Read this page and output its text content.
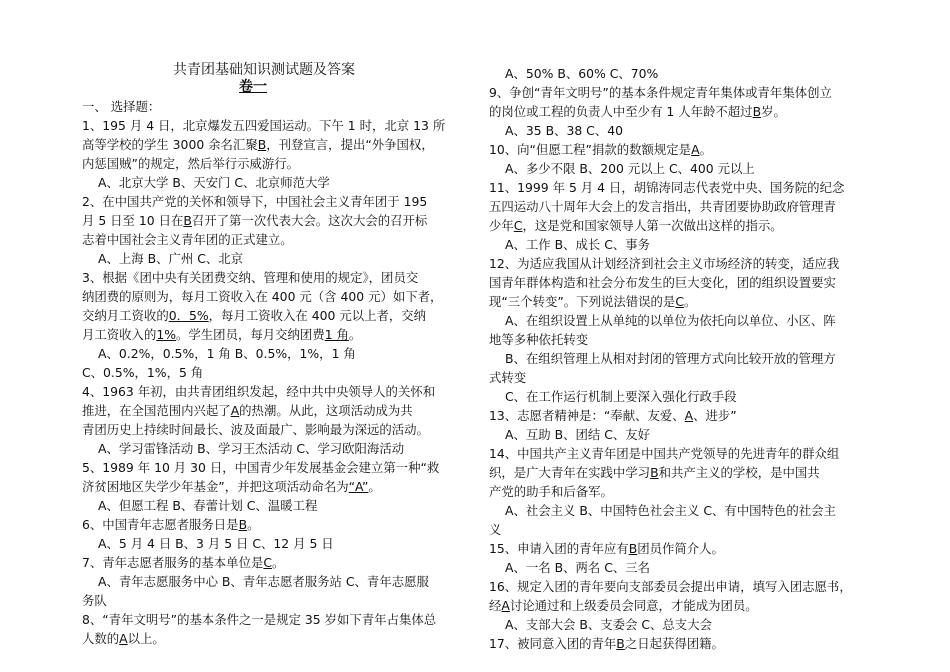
共青团基础知识测试题及答案
卷一
一、 选择题：
1、195 月 4 日，北京爆发五四爱国运动。下午 1 时，北京 13 所
高等学校的学生 3000 余名汇聚B，刊登宣言，提出“外争国权，
内惩国贼”的规定，然后举行示威游行。
A、北京大学 B、天安门 C、北京师范大学
2、在中国共产党的关怀和领导下，中国社会主义青年团于 195
月 5 日至 10 日在B召开了第一次代表大会。这次大会的召开标
志着中国社会主义青年团的正式建立。
A、上海 B、广州 C、北京
3、根据《团中央有关团费交纳、管理和使用的规定》，团员交
纳团费的原则为，每月工资收入在 400 元（含 400 元）如下者，
交纳月工资收的0．5%，每月工资收入在 400 元以上者，交纳
月工资收入的1%。学生团员，每月交纳团费1 角。
A、0.2%，0.5%，1 角 B、0.5%，1%，1 角
C、0.5%，1%，5 角
4、1963 年初，由共青团组织发起，经中共中央领导人的关怀和
推进，在全国范围内兴起了A的热潮。从此，这项活动成为共
青团历史上持续时间最长、波及面最广、影响最为深远的活动。
A、学习雷锋活动 B、学习王杰活动 C、学习欧阳海活动
5、1989 年 10 月 30 日，中国青少年发展基金会建立第一种“救
济贫困地区失学少年基金”，并把这项活动命名为“A”。
A、但愿工程 B、春蕾计划 C、温暖工程
6、中国青年志愿者服务日是B。
A、5 月 4 日 B、3 月 5 日 C、12 月 5 日
7、青年志愿者服务的基本单位是C。
A、青年志愿服务中心 B、青年志愿者服务站 C、青年志愿服
务队
8、“青年文明号”的基本条件之一是规定 35 岁如下青年占集体总
人数的A以上。
A、50% B、60% C、70%
9、争创“青年文明号”的基本条件规定青年集体或青年集体创立
的岗位或工程的负责人中至少有 1 人年龄不超过B岁。
A、35 B、38 C、40
10、向“但愿工程”捐款的数额规定是A。
A、多少不限 B、200 元以上 C、400 元以上
11、1999 年 5 月 4 日，胡锦涛同志代表党中央、国务院的纪念
五四运动八十周年大会上的发言指出，共青团要协助政府管理青
少年C，这是党和国家领导人第一次做出这样的指示。
A、工作 B、成长 C、事务
12、为适应我国从计划经济到社会主义市场经济的转变，适应我
国青年群体构造和社会分布发生的巨大变化，团的组织设置要实
现“三个转变”。下列说法错误的是C。
A、在组织设置上从单纯的以单位为依托向以单位、小区、阵
地等多种依托转变
B、在组织管理上从相对封闭的管理方式向比较开放的管理方
式转变
C、在工作运行机制上要深入强化行政手段
13、志愿者精神是：“奉献、友爱、A、进步”
A、互助 B、团结 C、友好
14、中国共产主义青年团是中国共产党领导的先进青年的群众组
织，是广大青年在实践中学习B和共产主义的学校，是中国共
产党的助手和后备军。
A、社会主义 B、中国特色社会主义 C、有中国特色的社会主
义
15、申请入团的青年应有B团员作简介人。
A、一名 B、两名 C、三名
16、规定入团的青年要向支部委员会提出申请，填写入团志愿书，
经A讨论通过和上级委员会同意，才能成为团员。
A、支部大会 B、支委会 C、总支大会
17、被同意入团的青年B之日起获得团籍。
